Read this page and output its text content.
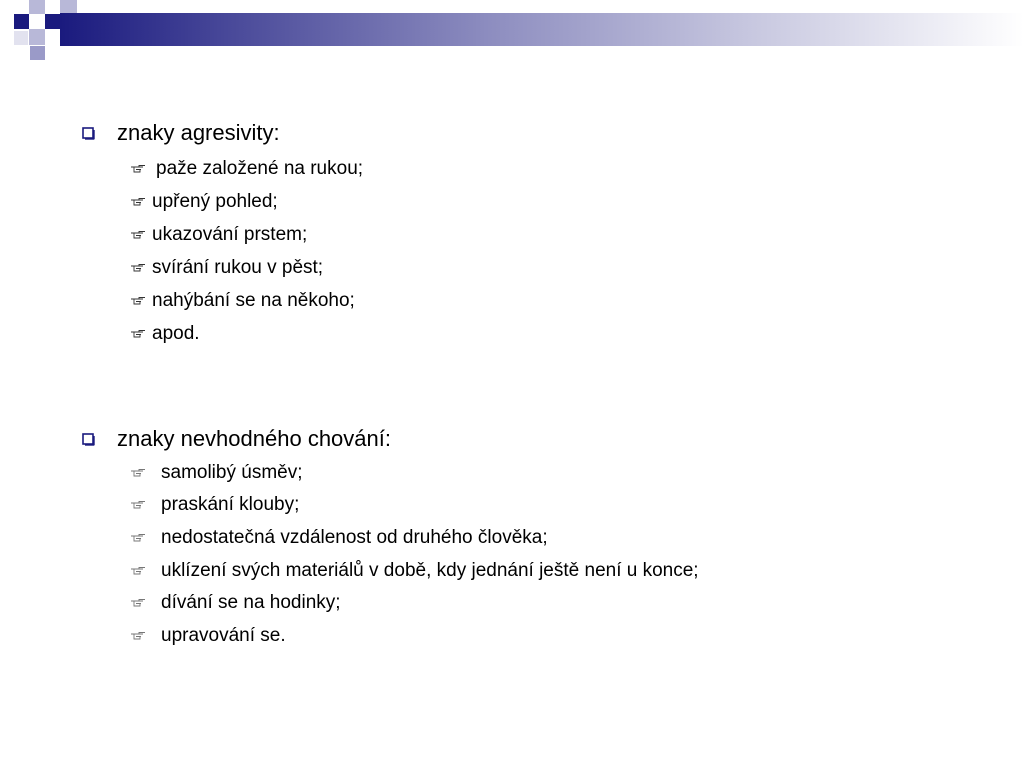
znaky agresivity:
paže založené na rukou;
upřený pohled;
ukazování prstem;
svírání rukou v pěst;
nahýbání se na někoho;
apod.
znaky nevhodného chování:
samolibý úsměv;
praskání klouby;
nedostatečná vzdálenost od druhého člověka;
uklízení svých materiálů v době, kdy jednání ještě není u konce;
dívání se na hodinky;
upravování se.
